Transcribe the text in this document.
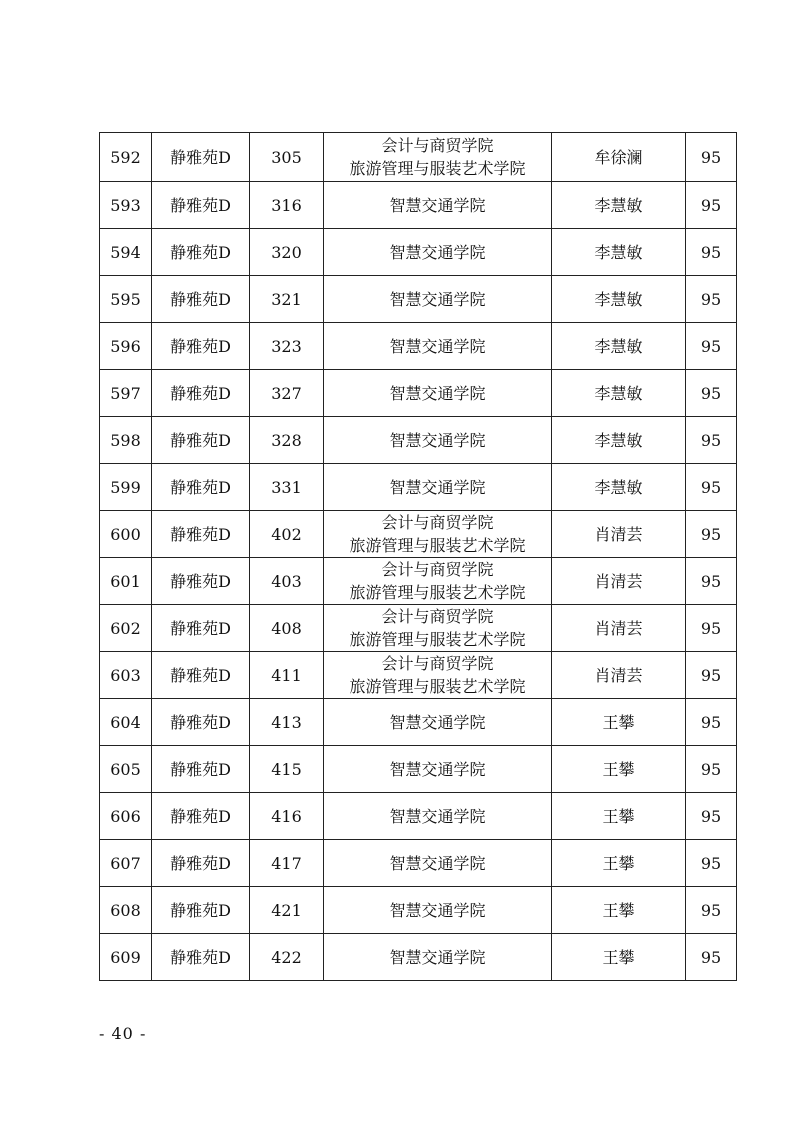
592	静雅苑D	305	会计与商贸学院
旅游管理与服装艺术学院	牟徐澜	95
593	静雅苑D	316	智慧交通学院	李慧敏	95
594	静雅苑D	320	智慧交通学院	李慧敏	95
595	静雅苑D	321	智慧交通学院	李慧敏	95
596	静雅苑D	323	智慧交通学院	李慧敏	95
597	静雅苑D	327	智慧交通学院	李慧敏	95
598	静雅苑D	328	智慧交通学院	李慧敏	95
599	静雅苑D	331	智慧交通学院	李慧敏	95
600	静雅苑D	402	会计与商贸学院
旅游管理与服装艺术学院	肖清芸	95
601	静雅苑D	403	会计与商贸学院
旅游管理与服装艺术学院	肖清芸	95
602	静雅苑D	408	会计与商贸学院
旅游管理与服装艺术学院	肖清芸	95
603	静雅苑D	411	会计与商贸学院
旅游管理与服装艺术学院	肖清芸	95
604	静雅苑D	413	智慧交通学院	王攀	95
605	静雅苑D	415	智慧交通学院	王攀	95
606	静雅苑D	416	智慧交通学院	王攀	95
607	静雅苑D	417	智慧交通学院	王攀	95
608	静雅苑D	421	智慧交通学院	王攀	95
609	静雅苑D	422	智慧交通学院	王攀	95
- 40 -
